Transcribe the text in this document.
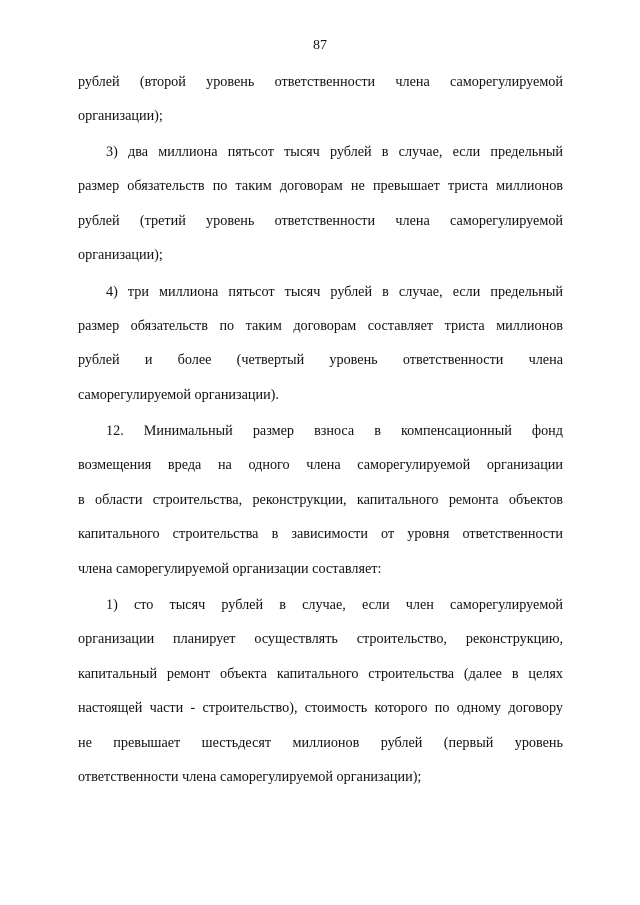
87
рублей (второй уровень ответственности члена саморегулируемой
организации);
3) два миллиона пятьсот тысяч рублей в случае, если предельный
размер обязательств по таким договорам не превышает триста миллионов
рублей (третий уровень ответственности члена саморегулируемой
организации);
4) три миллиона пятьсот тысяч рублей в случае, если предельный
размер обязательств по таким договорам составляет триста миллионов
рублей и более (четвертый уровень ответственности члена
саморегулируемой организации).
12. Минимальный размер взноса в компенсационный фонд
возмещения вреда на одного члена саморегулируемой организации
в области строительства, реконструкции, капитального ремонта объектов
капитального строительства в зависимости от уровня ответственности
члена саморегулируемой организации составляет:
1) сто тысяч рублей в случае, если член саморегулируемой
организации планирует осуществлять строительство, реконструкцию,
капитальный ремонт объекта капитального строительства (далее в целях
настоящей части - строительство), стоимость которого по одному договору
не превышает шестьдесят миллионов рублей (первый уровень
ответственности члена саморегулируемой организации);
